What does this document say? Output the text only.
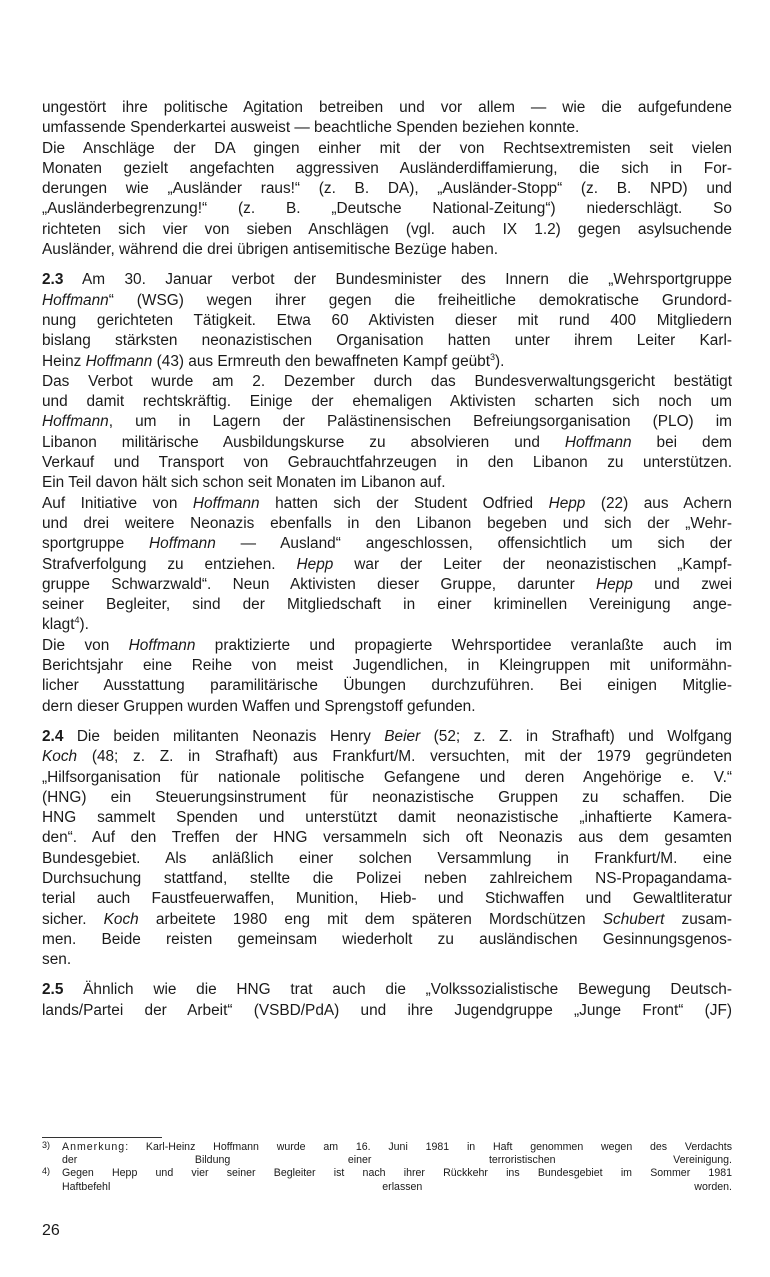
ungestört ihre politische Agitation betreiben und vor allem — wie die aufgefundene
umfassende Spenderkartei ausweist — beachtliche Spenden beziehen konnte.
Die Anschläge der DA gingen einher mit der von Rechtsextremisten seit vielen
Monaten gezielt angefachten aggressiven Ausländerdiffamierung, die sich in For-
derungen wie „Ausländer raus!“ (z. B. DA), „Ausländer-Stopp“ (z. B. NPD) und
„Ausländerbegrenzung!“ (z. B. „Deutsche National-Zeitung“) niederschlägt. So
richteten sich vier von sieben Anschlägen (vgl. auch IX 1.2) gegen asylsuchende
Ausländer, während die drei übrigen antisemitische Bezüge haben.
2.3 Am 30. Januar verbot der Bundesminister des Innern die „Wehrsportgruppe
Hoffmann“ (WSG) wegen ihrer gegen die freiheitliche demokratische Grundord-
nung gerichteten Tätigkeit. Etwa 60 Aktivisten dieser mit rund 400 Mitgliedern
bislang stärksten neonazistischen Organisation hatten unter ihrem Leiter Karl-
Heinz Hoffmann (43) aus Ermreuth den bewaffneten Kampf geübt$^3$).
Das Verbot wurde am 2. Dezember durch das Bundesverwaltungsgericht bestätigt
und damit rechtskräftig. Einige der ehemaligen Aktivisten scharten sich noch um
Hoffmann, um in Lagern der Palästinensischen Befreiungsorganisation (PLO) im
Libanon militärische Ausbildungskurse zu absolvieren und Hoffmann bei dem
Verkauf und Transport von Gebrauchtfahrzeugen in den Libanon zu unterstützen.
Ein Teil davon hält sich schon seit Monaten im Libanon auf.
Auf Initiative von Hoffmann hatten sich der Student Odfried Hepp (22) aus Achern
und drei weitere Neonazis ebenfalls in den Libanon begeben und sich der „Wehr-
sportgruppe Hoffmann — Ausland“ angeschlossen, offensichtlich um sich der
Strafverfolgung zu entziehen. Hepp war der Leiter der neonazistischen „Kampf-
gruppe Schwarzwald“. Neun Aktivisten dieser Gruppe, darunter Hepp und zwei
seiner Begleiter, sind der Mitgliedschaft in einer kriminellen Vereinigung ange-
klagt$^4$).
Die von Hoffmann praktizierte und propagierte Wehrsportidee veranlaßte auch im
Berichtsjahr eine Reihe von meist Jugendlichen, in Kleingruppen mit uniformähn-
licher Ausstattung paramilitärische Übungen durchzuführen. Bei einigen Mitglie-
dern dieser Gruppen wurden Waffen und Sprengstoff gefunden.
2.4 Die beiden militanten Neonazis Henry Beier (52; z. Z. in Strafhaft) und Wolfgang
Koch (48; z. Z. in Strafhaft) aus Frankfurt/M. versuchten, mit der 1979 gegründeten
„Hilfsorganisation für nationale politische Gefangene und deren Angehörige e. V.“
(HNG) ein Steuerungsinstrument für neonazistische Gruppen zu schaffen. Die
HNG sammelt Spenden und unterstützt damit neonazistische „inhaftierte Kamera-
den“. Auf den Treffen der HNG versammeln sich oft Neonazis aus dem gesamten
Bundesgebiet. Als anläßlich einer solchen Versammlung in Frankfurt/M. eine
Durchsuchung stattfand, stellte die Polizei neben zahlreichem NS-Propagandama-
terial auch Faustfeuerwaffen, Munition, Hieb- und Stichwaffen und Gewaltliteratur
sicher. Koch arbeitete 1980 eng mit dem späteren Mordschützen Schubert zusam-
men. Beide reisten gemeinsam wiederholt zu ausländischen Gesinnungsgenos-
sen.
2.5 Ähnlich wie die HNG trat auch die „Volkssozialistische Bewegung Deutsch-
lands/Partei der Arbeit“ (VSBD/PdA) und ihre Jugendgruppe „Junge Front“ (JF)
3) Anmerkung: Karl-Heinz Hoffmann wurde am 16. Juni 1981 in Haft genommen wegen des Verdachts
der Bildung einer terroristischen Vereinigung.
4) Gegen Hepp und vier seiner Begleiter ist nach ihrer Rückkehr ins Bundesgebiet im Sommer 1981
Haftbefehl erlassen worden.
26
